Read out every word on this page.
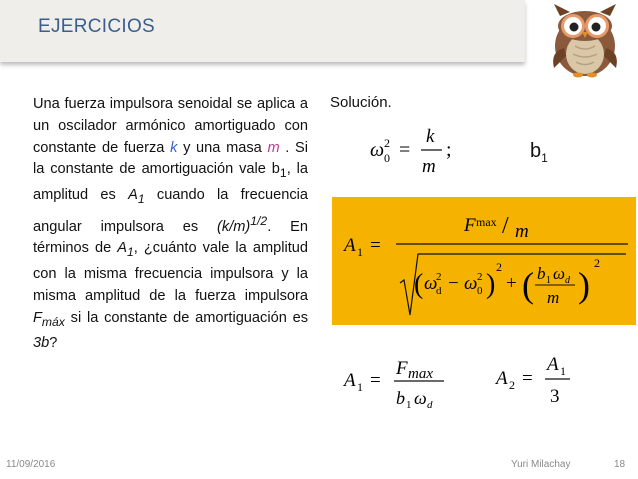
EJERCICIOS
Una fuerza impulsora senoidal se aplica a un oscilador armónico amortiguado con constante de fuerza k y una masa m . Si la constante de amortiguación vale $b_1$, la amplitud es $A_1$ cuando la frecuencia angular impulsora es $(k/m)^{1/2}$. En términos de $A_1$, ¿cuánto vale la amplitud con la misma frecuencia impulsora y la misma amplitud de la fuerza impulsora $F_{máx}$ si la constante de amortiguación es 3b?
Solución.
ω 0
2 =
k
m
;	$b_1$
A 1 =
F max / m
( ω
d
2 − ω 0
2 )
2
+ ( b 1 ω d
m )
2
A 1 =
F max
b 1 ω d
A 2 =
A 1
3
11/09/2016	Yuri Milachay	18
